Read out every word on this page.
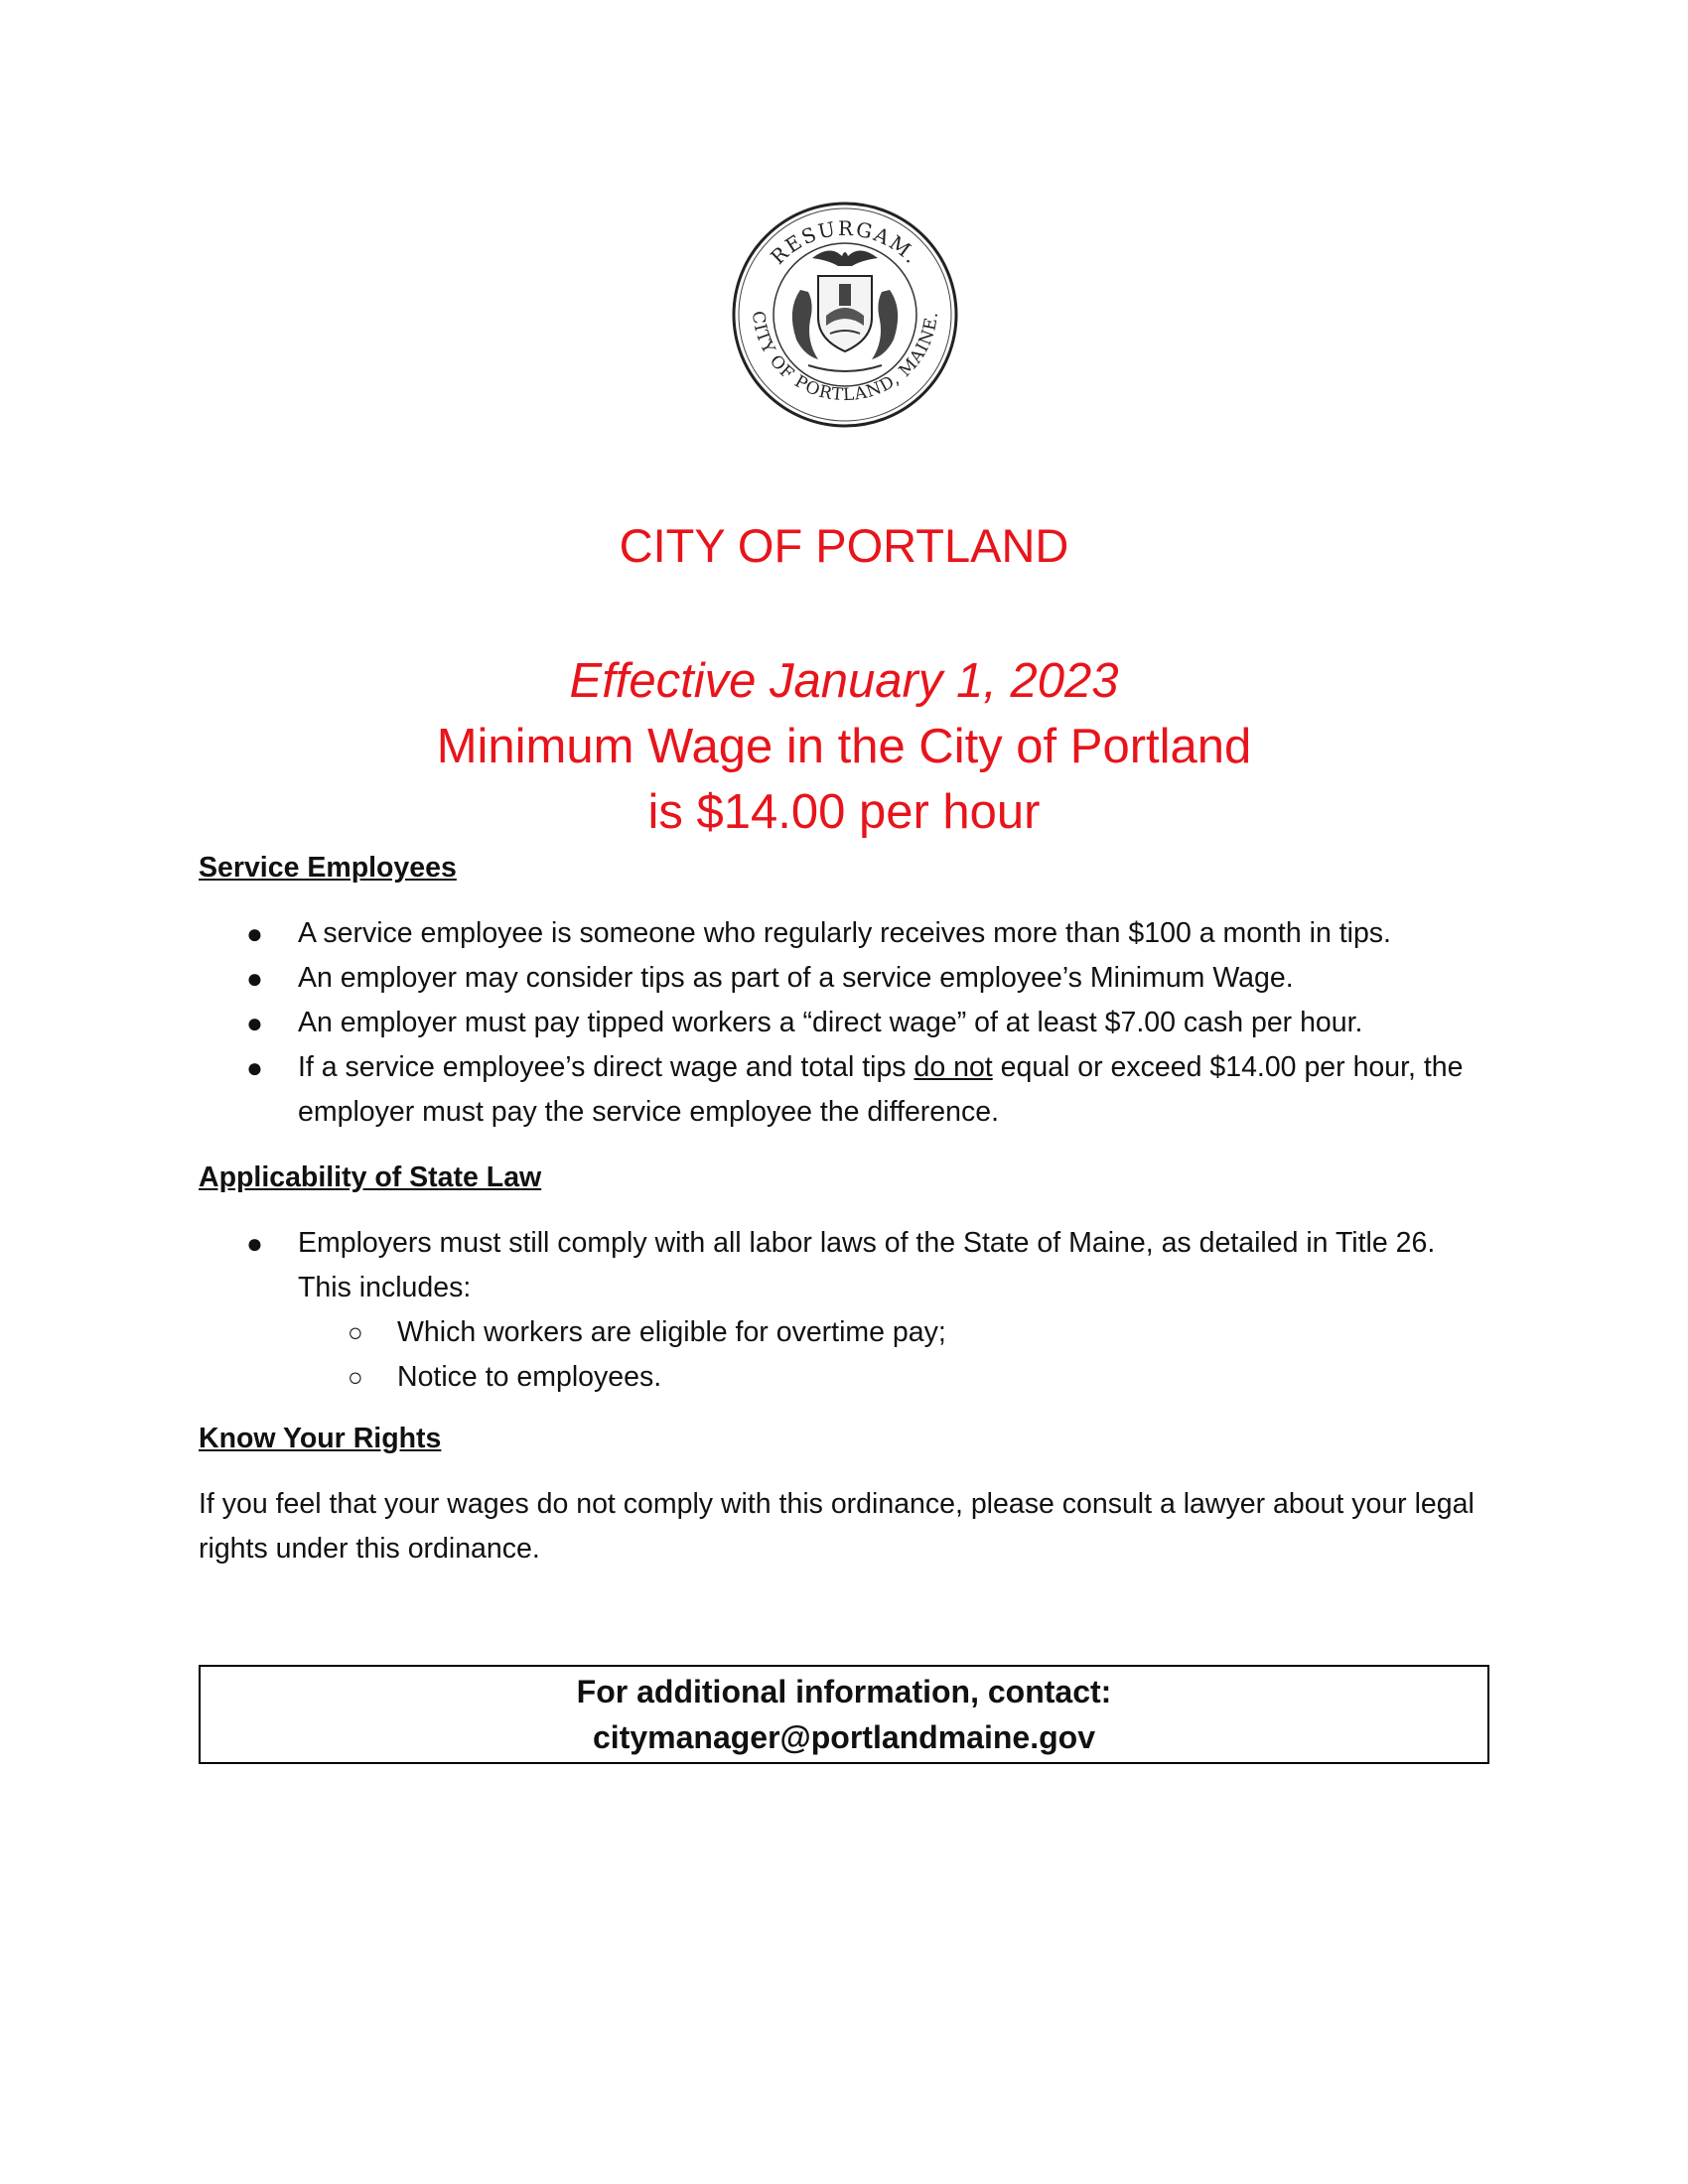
RESURGAM.
CITY OF PORTLAND, MAINE.
CITY OF PORTLAND
Effective January 1, 2023
Minimum Wage in the City of Portland
is $14.00 per hour

Service Employees

● A service employee is someone who regularly receives more than $100 a month in tips.
● An employer may consider tips as part of a service employee’s Minimum Wage.
● An employer must pay tipped workers a “direct wage” of at least $7.00 cash per hour.
● If a service employee’s direct wage and total tips do not equal or exceed $14.00 per hour, the employer must pay the service employee the difference.

Applicability of State Law

● Employers must still comply with all labor laws of the State of Maine, as detailed in Title 26. This includes:
○ Which workers are eligible for overtime pay;
○ Notice to employees.

Know Your Rights

If you feel that your wages do not comply with this ordinance, please consult a lawyer about your legal rights under this ordinance.

For additional information, contact:
citymanager@portlandmaine.gov
